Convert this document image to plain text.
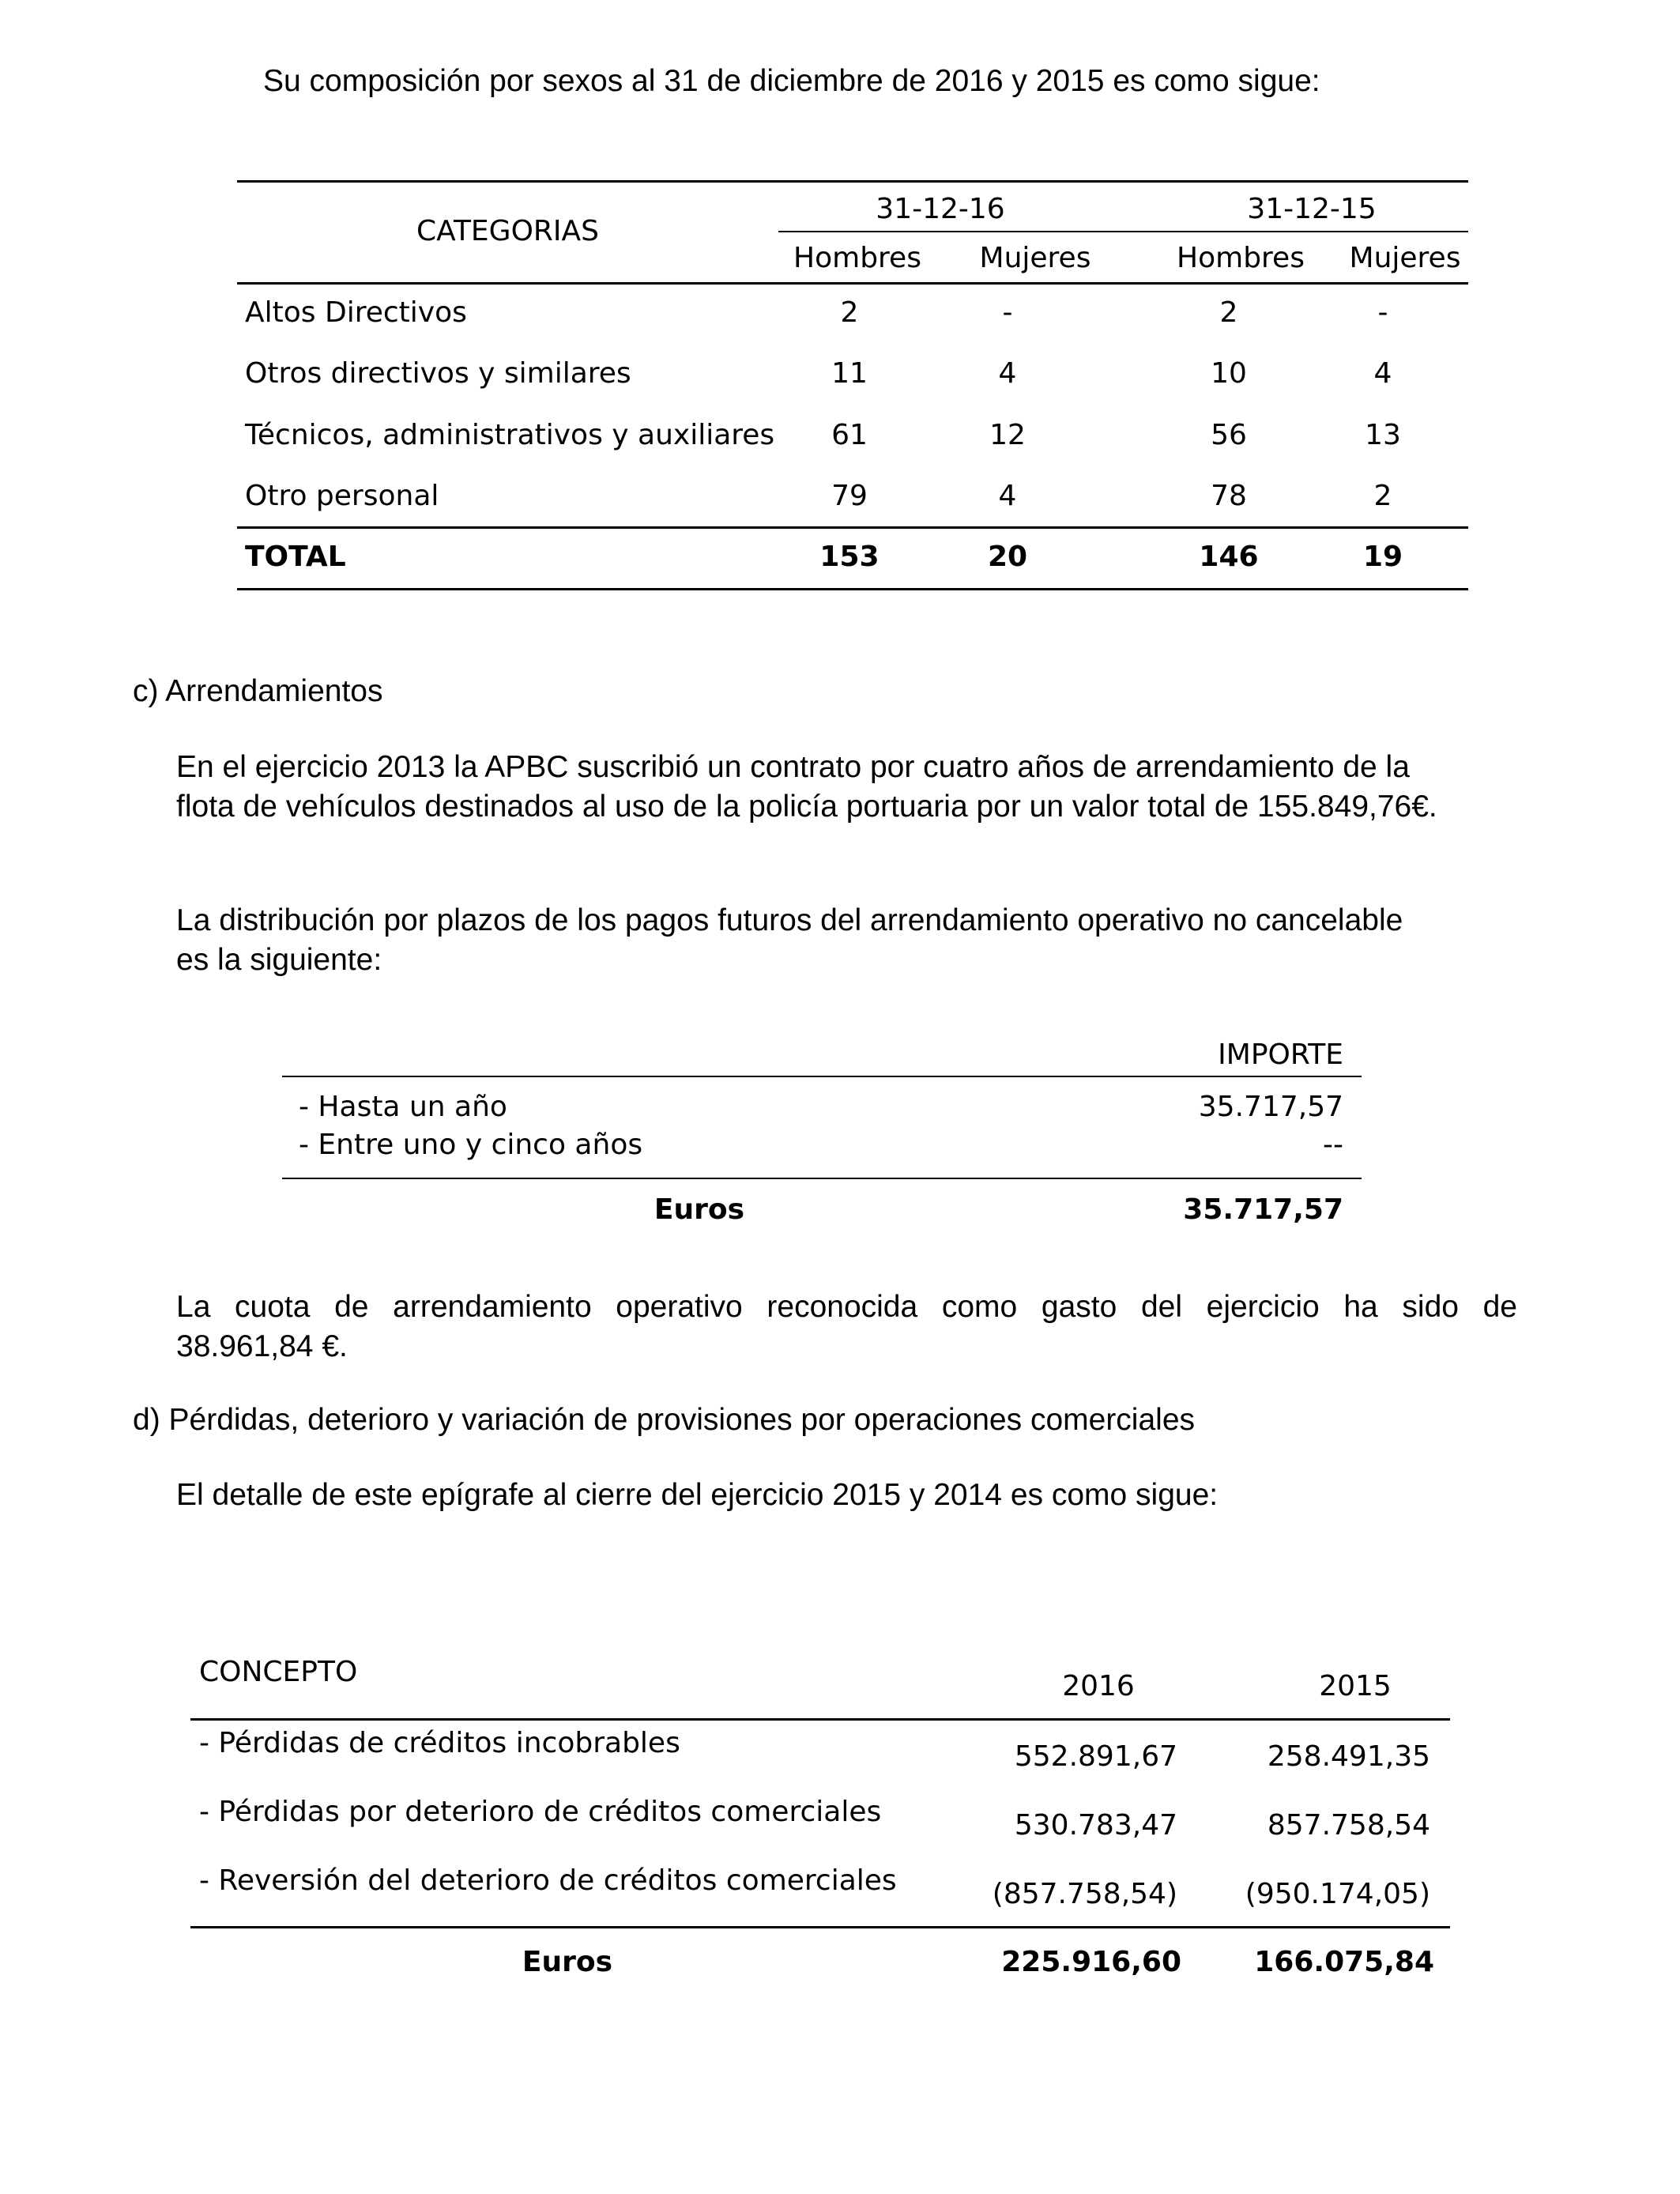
Su composición por sexos al 31 de diciembre de 2016 y 2015 es como sigue:
CATEGORIAS
31-12-16	31-12-15
Hombres	Mujeres	Hombres	Mujeres
Altos Directivos	2	-	2	-
Otros directivos y similares	11	4	10	4
Técnicos, administrativos y auxiliares	61	12	56	13
Otro personal	79	4	78	2
TOTAL	153	20	146	19
c) Arrendamientos
En el ejercicio 2013 la APBC suscribió un contrato por cuatro años de arrendamiento de la
flota de vehículos destinados al uso de la policía portuaria por un valor total de 155.849,76€.
La distribución por plazos de los pagos futuros del arrendamiento operativo no cancelable
es la siguiente:
IMPORTE
- Hasta un año	35.717,57
- Entre uno y cinco años	--
Euros	35.717,57
La cuota de arrendamiento operativo reconocida como gasto del ejercicio ha sido de
38.961,84 €.
d) Pérdidas, deterioro y variación de provisiones por operaciones comerciales
El detalle de este epígrafe al cierre del ejercicio 2015 y 2014 es como sigue:
CONCEPTO	2016	2015
- Pérdidas de créditos incobrables	552.891,67	258.491,35
- Pérdidas por deterioro de créditos comerciales	530.783,47	857.758,54
- Reversión del deterioro de créditos comerciales	(857.758,54)	(950.174,05)
Euros	225.916,60	166.075,84
